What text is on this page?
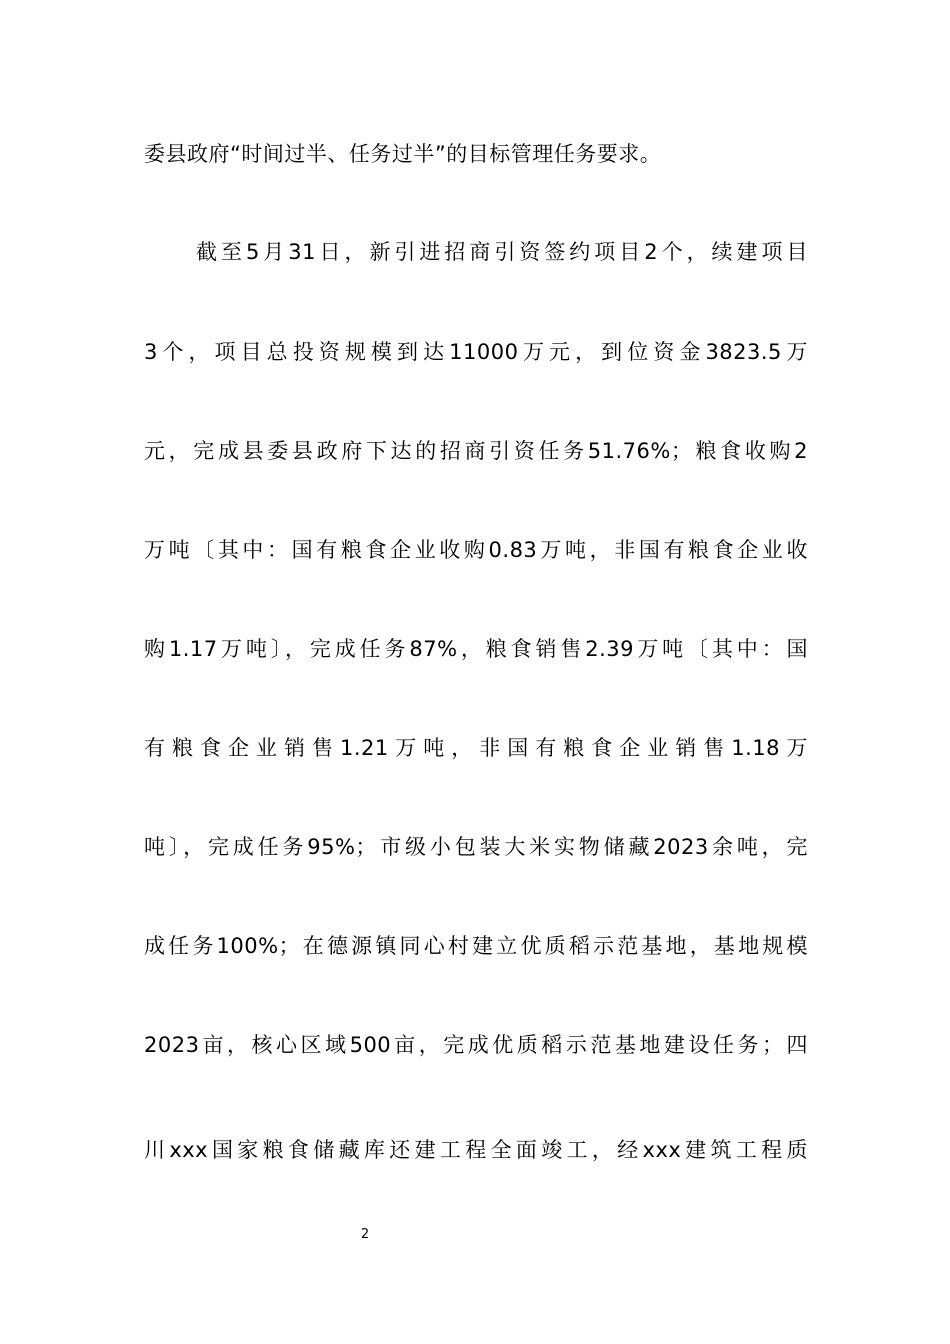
委县政府“时间过半、任务过半”的目标管理任务要求。
截至5月31日，新引进招商引资签约项目2个，续建项目
3个，项目总投资规模到达11000万元，到位资金3823.5万
元，完成县委县政府下达的招商引资任务51.76%；粮食收购2
万吨〔其中：国有粮食企业收购0.83万吨，非国有粮食企业收
购1.17万吨〕，完成任务87%，粮食销售2.39万吨〔其中：国
有粮食企业销售1.21万吨，非国有粮食企业销售1.18万
吨〕，完成任务95%；市级小包装大米实物储藏2023余吨，完
成任务100%；在德源镇同心村建立优质稻示范基地，基地规模
2023亩，核心区域500亩，完成优质稻示范基地建设任务；四
川xxx国家粮食储藏库还建工程全面竣工，经xxx建筑工程质
2
